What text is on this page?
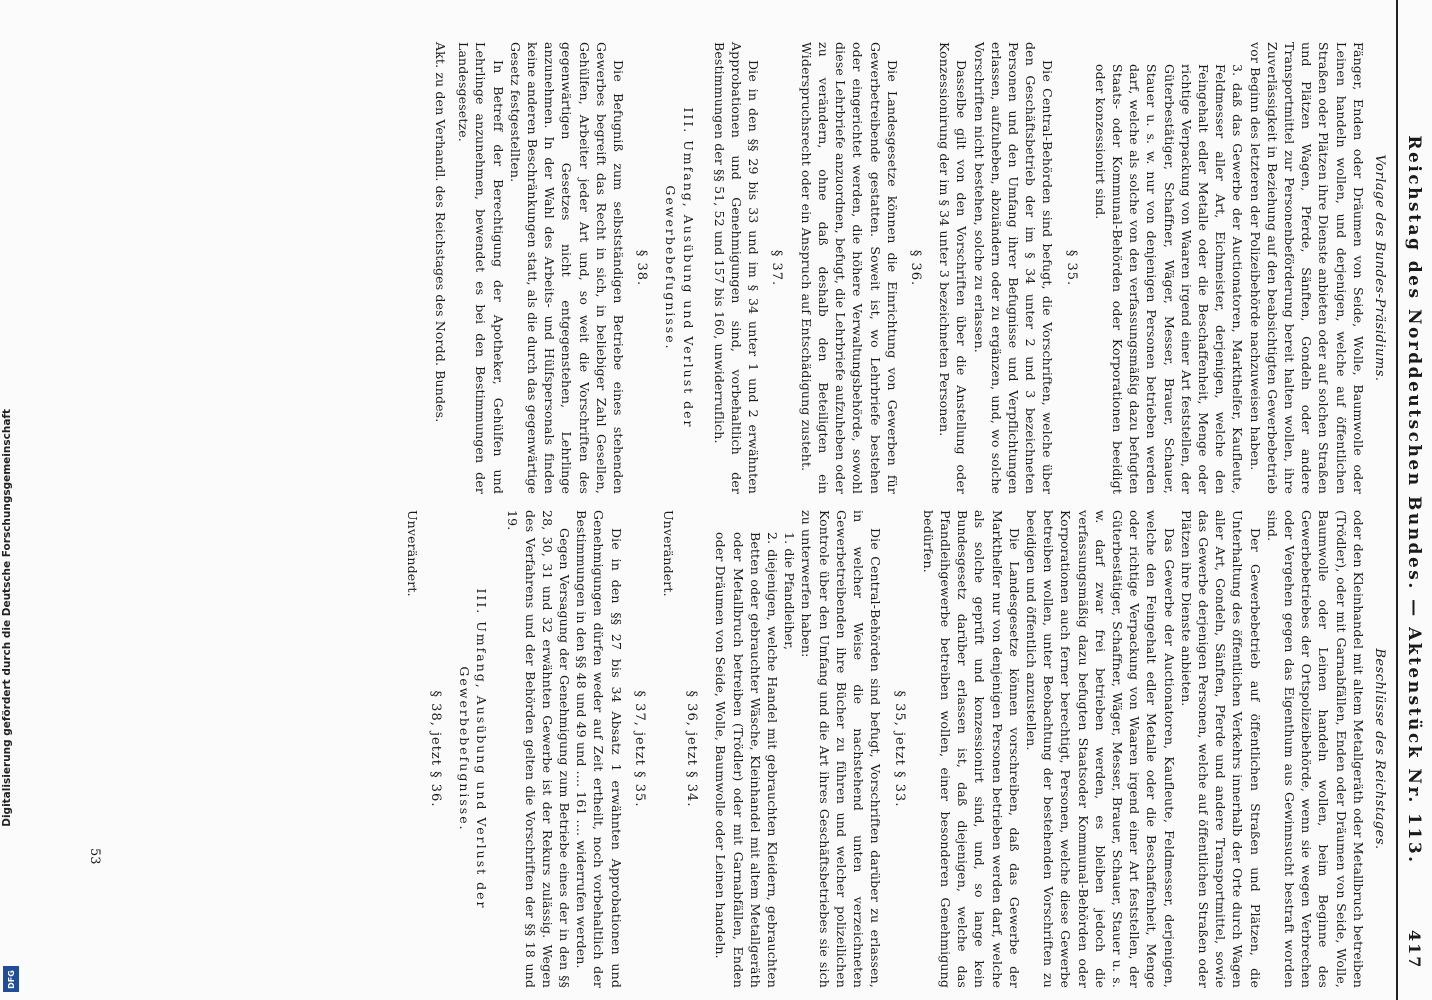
Reichstag des Norddeutschen Bundes. — Aktenstück Nr. 113.
417
Beschlüsse des Reichstages.

oder den Kleinhandel mit altem Metallgeräth oder Metallbruch betreiben (Trödler), oder mit Garnabfällen, Enden oder Dräumen von Seide, Wolle, Baumwolle oder Leinen handeln wollen, beim Beginne des Gewerbebetriebes der Ortspolizeibehörde, wenn sie wegen Verbrechen oder Vergehen gegen das Eigenthum aus Gewinnsucht bestraft worden sind.

Der Gewerbebetrieb auf öffentlichen Straßen und Plätzen, die Unterhaltung des öffentlichen Verkehrs innerhalb der Orte durch Wagen aller Art, Gondeln, Sänften, Pferde und andere Transportmittel, sowie das Gewerbe derjenigen Personen, welche auf öffentlichen Straßen oder Plätzen ihre Dienste anbieten.

Das Gewerbe der Auctionatoren, Kaufleute, Feldmesser, derjenigen, welche den Feingehalt edler Metalle oder die Beschaffenheit, Menge oder richtige Verpackung von Waaren irgend einer Art feststellen, der Güterbestätiger, Schaffner, Wäger, Messer, Brauer, Schauer, Stauer u. s. w. darf zwar frei betrieben werden, es bleiben jedoch die verfassungsmäßig dazu befugten Staatsoder Kommunal-Behörden oder Korporationen auch ferner berechtigt, Personen, welche diese Gewerbe betreiben wollen, unter Beobachtung der bestehenden Vorschriften zu beeidigen und öffentlich anzustellen.

Die Landesgesetze können vorschreiben, daß das Gewerbe der Markthelfer nur von denjenigen Personen betrieben werden darf, welche als solche geprüft und konzessionirt sind, und, so lange kein Bundesgesetz darüber erlassen ist, daß diejenigen, welche das Pfandleihgewerbe betreiben wollen, einer besonderen Genehmigung bedürfen.

§ 35, jetzt § 33.

Die Central-Behörden sind befugt, Vorschriften darüber zu erlassen, in welcher Weise die nachstehend unten verzeichneten Gewerbetreibenden ihre Bücher zu führen und welcher polizeilichen Kontrole über den Umfang und die Art ihres Geschäftsbetriebes sie sich zu unterwerfen haben:

1. die Pfandleiher,

2. diejenigen, welche Handel mit gebrauchten Kleidern, gebrauchten Betten oder gebrauchter Wäsche, Kleinhandel mit altem Metallgeräth oder Metallbruch betreiben (Trödler) oder mit Garnabfällen, Enden oder Dräumen von Seide, Wolle, Baumwolle oder Leinen handeln.

§ 36, jetzt § 34.

Unverändert.

§ 37, jetzt § 35.

Die in den §§ 27 bis 34 Absatz 1 erwähnten Approbationen und Genehmigungen dürfen weder auf Zeit ertheilt, noch vorbehaltlich der Bestimmungen in den §§ 48 und 49 und .... 161 .... widerrufen werden.

Gegen Versagung der Genehmigung zum Betriebe eines der in den §§ 28, 30, 31 und 32 erwähnten Gewerbe ist der Rekurs zulässig. Wegen des Verfahrens und der Behörden gelten die Vorschriften der §§ 18 und 19.

III. Umfang, Ausübung und Verlust der Gewerbebefugnisse.
§ 38, jetzt § 36.

Unverändert.

Vorlage des Bundes-Präsidiums.

Fänger, Enden oder Dräumen von Seide, Wolle, Baumwolle oder Leinen handeln wollen, und derjenigen, welche auf öffentlichen Straßen oder Plätzen ihre Dienste anbieten oder auf solchen Straßen und Plätzen Wagen, Pferde, Sänften, Gondeln oder andere Transportmittel zur Personenbeförderung bereit halten wollen, ihre Zuverlässigkeit in Beziehung auf den beabsichtigten Gewerbebetrieb vor Beginn des letzteren der Polizeibehörde nachzuweisen haben.

3. daß das Gewerbe der Auctionatoren, Markthelfer, Kaufleute, Feldmesser aller Art, Eichmeister, derjenigen, welche den Feingehalt edler Metalle oder die Beschaffenheit, Menge oder richtige Verpackung von Waaren irgend einer Art feststellen, der Güterbestätiger, Schaffner, Wäger, Messer, Brauer, Schauer, Stauer u. s. w. nur von denjenigen Personen betrieben werden darf, welche als solche von den verfassungsmäßig dazu befugten Staats- oder Kommunal-Behörden oder Korporationen beeidigt oder konzessionirt sind.

§ 35.

Die Central-Behörden sind befugt, die Vorschriften, welche über den Geschäftsbetrieb der im § 34 unter 2 und 3 bezeichneten Personen und den Umfang ihrer Befugnisse und Verpflichtungen erlassen, aufzuheben, abzuändern oder zu ergänzen, und, wo solche Vorschriften nicht bestehen, solche zu erlassen.

Dasselbe gilt von den Vorschriften über die Anstellung oder Konzessionirung der im § 34 unter 3 bezeichneten Personen.

§ 36.

Die Landesgesetze können die Einrichtung von Gewerben für Gewerbetreibende gestatten. Soweit ist, wo Lehrbriefe bestehen oder eingerichtet werden, die höhere Verwaltungsbehörde, sowohl diese Lehrbriefe anzuordnen, befugt, die Lehrbriefe aufzuheben oder zu verändern, ohne daß deshalb den Beteiligten ein Widerspruchsrecht oder ein Anspruch auf Entschädigung zusteht.

§ 37.

Die in den §§ 29 bis 33 und im § 34 unter 1 und 2 erwähnten Approbationen und Genehmigungen sind, vorbehaltlich der Bestimmungen der §§ 51, 52 und 157 bis 160, unwiderruflich.

III. Umfang, Ausübung und Verlust der Gewerbebefugnisse.
§ 38.

Die Befugniß zum selbstständigen Betriebe eines stehenden Gewerbes begreift das Recht in sich, in beliebiger Zahl Gesellen, Gehülfen, Arbeiter jeder Art und, so weit die Vorschriften des gegenwärtigen Gesetzes nicht entgegenstehen, Lehrlinge anzunehmen. In der Wahl des Arbeits- und Hülfspersonals finden keine anderen Beschränkungen statt, als die durch das gegenwärtige Gesetz festgestellten.

In Betreff der Berechtigung der Apotheker, Gehülfen und Lehrlinge anzunehmen, bewendet es bei den Bestimmungen der Landesgesetze.

Akt. zu den Verhandl. des Reichstages des Nordd. Bundes.

53
Digitalisierung gefördert durch die Deutsche Forschungsgemeinschaft
DFG
